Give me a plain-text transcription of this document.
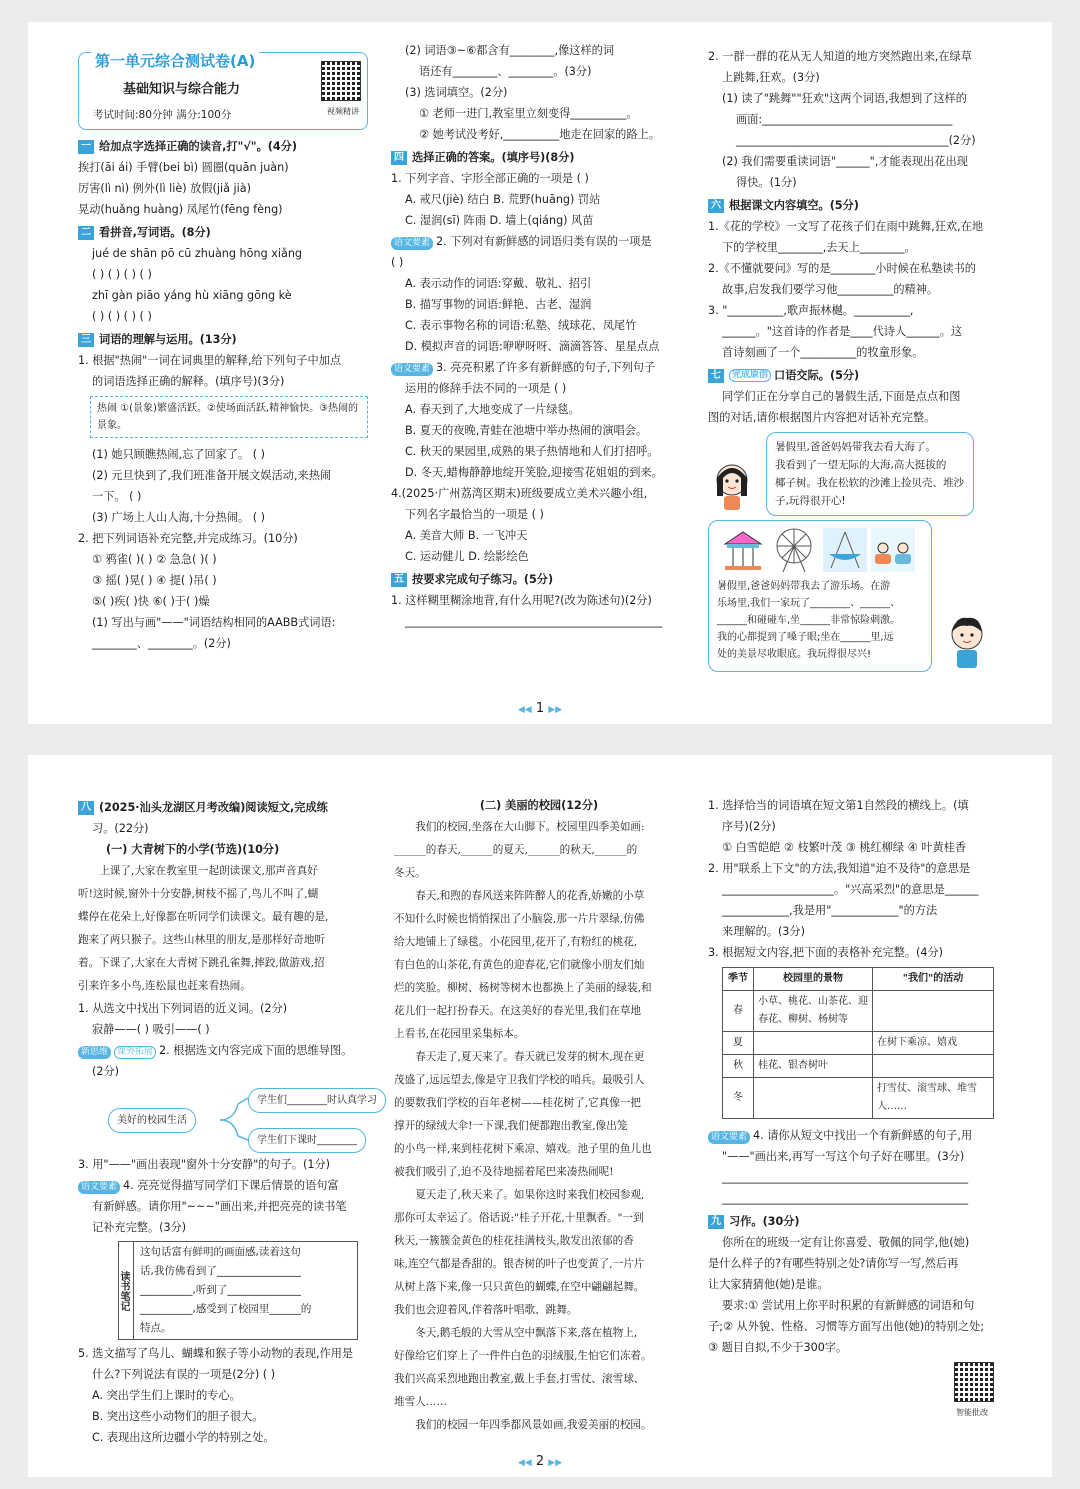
第一单元综合测试卷(A)
基础知识与综合能力
考试时间:80分钟 满分:100分	视频精讲
一 给加点字选择正确的读音,打"√"。(4分)
挨打(āi ái) 手臂(bei bì) 圆圈(quān juàn)
厉害(lì nì) 例外(lì liè) 放假(jiǎ jià)
晃动(huǎng huàng) 凤尾竹(fēng fèng)
二 看拼音,写词语。(8分)
jué de shān pō cū zhuàng hōng xiǎng
( ) ( ) ( ) ( )
zhī gàn piāo yáng hù xiāng gōng kè
( ) ( ) ( ) ( )
三 词语的理解与运用。(13分)
1. 根据"热闹"一词在词典里的解释,给下列句子中加点
的词语选择正确的解释。(填序号)(3分)
热闹 ①(景象)繁盛活跃。②使场面活跃,精神愉快。③热闹的景象。
(1) 她只顾瞧热闹,忘了回家了。 ( )
(2) 元旦快到了,我们班准备开展文娱活动,来热闹
一下。 ( )
(3) 广场上人山人海,十分热闹。 ( )
2. 把下列词语补充完整,并完成练习。(10分)
① 鸦雀( )( ) ② 急急( )( )
③ 摇( )晃( ) ④ 提( )吊( )
⑤( )疾( )快 ⑥( )于( )燥
(1) 写出与画"——"词语结构相同的AABB式词语:
________、________。(2分)
(2) 词语③~⑥都含有________,像这样的词
语还有________、________。(3分)
(3) 选词填空。(2分)
① 老师一进门,教室里立刻变得__________。
② 她考试没考好,__________地走在回家的路上。
四 选择正确的答案。(填序号)(8分)
1. 下列字音、字形全部正确的一项是 ( )
A. 戒尺(jiè) 结白 B. 荒野(huāng) 罚站
C. 湿润(sī) 阵雨 D. 墙上(qiáng) 风苗
语文要素 2. 下列对有新鲜感的词语归类有误的一项是
( )
A. 表示动作的词语:穿戴、敬礼、招引
B. 描写事物的词语:鲜艳、古老、湿润
C. 表示事物名称的词语:私塾、绒球花、凤尾竹
D. 模拟声音的词语:咿咿呀呀、滴滴答答、星星点点
语文要素 3. 亮亮积累了许多有新鲜感的句子,下列句子
运用的修辞手法不同的一项是 ( )
A. 春天到了,大地变成了一片绿毯。
B. 夏天的夜晚,青蛙在池塘中举办热闹的演唱会。
C. 秋天的果园里,成熟的果子热情地和人们打招呼。
D. 冬天,蜡梅静静地绽开笑脸,迎接雪花姐姐的到来。
4.(2025·广州荔湾区期末)班级要成立美术兴趣小组,
下列名字最恰当的一项是 ( )
A. 美音大师 B. 一飞冲天
C. 运动健儿 D. 绘影绘色
五 按要求完成句子练习。(5分)
1. 这样糊里糊涂地背,有什么用呢?(改为陈述句)(2分)
______________________________________________
2. 一群一群的花从无人知道的地方突然跑出来,在绿草
上跳舞,狂欢。(3分)
(1) 读了"跳舞""狂欢"这两个词语,我想到了这样的
画面:__________________________________
______________________________________(2分)
(2) 我们需要重读词语"______",才能表现出花出现
得快。(1分)
六 根据课文内容填空。(5分)
1.《花的学校》一文写了花孩子们在雨中跳舞,狂欢,在地
下的学校里________,去天上________。
2.《不懂就要问》写的是________小时候在私塾读书的
故事,启发我们要学习他__________的精神。
3. "__________,歌声振林樾。__________,
______。"这首诗的作者是____代诗人______。这
首诗刻画了一个__________的牧童形象。
七	完成原创 口语交际。(5分)
同学们正在分享自己的暑假生活,下面是点点和图
图的对话,请你根据图片内容把对话补充完整。
暑假里,爸爸妈妈带我去看大海了。
我看到了一望无际的大海,高大挺拔的
椰子树。我在松软的沙滩上捡贝壳、堆沙
子,玩得很开心!
暑假里,爸爸妈妈带我去了游乐场。在游
乐场里,我们一家玩了________、______、
______和碰碰车,坐______非常惊险刺激。
我的心都提到了嗓子眼;坐在______里,远
处的美景尽收眼底。我玩得很尽兴!
◀◀ 1 ▶▶
八 (2025·汕头龙湖区月考改编)阅读短文,完成练
习。(22分)
(一) 大青树下的小学(节选)(10分)
上课了,大家在教室里一起朗读课文,那声音真好
听!这时候,窗外十分安静,树枝不摇了,鸟儿不叫了,蝴
蝶停在花朵上,好像都在听同学们读课文。最有趣的是,
跑来了两只猴子。这些山林里的朋友,是那样好奇地听
着。下课了,大家在大青树下跳孔雀舞,摔跤,做游戏,招
引来许多小鸟,连松鼠也赶来看热闹。
1. 从选文中找出下列词语的近义词。(2分)
寂静——( ) 吸引——( )
新思维 课外拓展 2. 根据选文内容完成下面的思维导图。
(2分)
美好的校园生活
学生们________时认真学习
学生们下课时________
3. 用"——"画出表现"窗外十分安静"的句子。(1分)
语文要素 4. 亮亮觉得描写同学们下课后情景的语句富
有新鲜感。请你用"~~~"画出来,并把亮亮的读书笔
记补充完整。(3分)
读书笔记
这句话富有鲜明的画面感,读着这句
话,我仿佛看到了________________
__________,听到了______________
__________,感受到了校园里______的
特点。
5. 选文描写了鸟儿、蝴蝶和猴子等小动物的表现,作用是
什么?下列说法有误的一项是(2分) ( )
A. 突出学生们上课时的专心。
B. 突出这些小动物们的胆子很大。
C. 表现出这所边疆小学的特别之处。
(二) 美丽的校园(12分)
我们的校园,坐落在大山脚下。校园里四季美如画:
______的春天,______的夏天,______的秋天,______的
冬天。
春天,和煦的春风送来阵阵醉人的花香,娇嫩的小草
不知什么时候也悄悄探出了小脑袋,那一片片翠绿,仿佛
给大地铺上了绿毯。小花园里,花开了,有粉红的桃花,
有白色的山茶花,有黄色的迎春花,它们就像小朋友们灿
烂的笑脸。柳树、杨树等树木也都换上了美丽的绿装,和
花儿们一起打扮春天。在这美好的春光里,我们在草地
上看书,在花园里采集标本。
春天走了,夏天来了。春天就已发芽的树木,现在更
茂盛了,远远望去,像是守卫我们学校的哨兵。最吸引人
的要数我们学校的百年老树——桂花树了,它真像一把
撑开的绿绒大伞!一下课,我们便都跑出教室,像出笼
的小鸟一样,来到桂花树下乘凉、嬉戏。池子里的鱼儿也
被我们吸引了,迫不及待地摇着尾巴来凑热闹呢!
夏天走了,秋天来了。如果你这时来我们校园参观,
那你可太幸运了。俗话说:"桂子开花,十里飘香。"一到
秋天,一簇簇金黄色的桂花挂满枝头,散发出浓郁的香
味,连空气都是香甜的。银杏树的叶子也变黄了,一片片
从树上落下来,像一只只黄色的蝴蝶,在空中翩翩起舞。
我们也会迎着风,伴着落叶唱歌、跳舞。
冬天,鹅毛般的大雪从空中飘落下来,落在植物上,
好像给它们穿上了一件件白色的羽绒服,生怕它们冻着。
我们兴高采烈地跑出教室,戴上手套,打雪仗、滚雪球、
堆雪人……
我们的校园一年四季都风景如画,我爱美丽的校园。
1. 选择恰当的词语填在短文第1自然段的横线上。(填
序号)(2分)
① 白雪皑皑 ② 枝繁叶茂 ③ 桃红柳绿 ④ 叶黄桂香
2. 用"联系上下文"的方法,我知道"迫不及待"的意思是
____________________。"兴高采烈"的意思是______
____________,我是用"____________"的方法
来理解的。(3分)
3. 根据短文内容,把下面的表格补充完整。(4分)
季节	校园里的景物	"我们"的活动
春	小草、桃花、山茶花、迎春花、柳树、杨树等	
夏		在树下乘凉、嬉戏
秋	桂花、银杏树叶	
冬		打雪仗、滚雪球、堆雪人……
语文要素 4. 请你从短文中找出一个有新鲜感的句子,用
"——"画出来,再写一写这个句子好在哪里。(3分)
____________________________________________
____________________________________________
九 习作。(30分)
你所在的班级一定有让你喜爱、敬佩的同学,他(她)
是什么样子的?有哪些特别之处?请你写一写,然后再
让大家猜猜他(她)是谁。
要求:① 尝试用上你平时积累的有新鲜感的词语和句
子;② 从外貌、性格、习惯等方面写出他(她)的特别之处;
③ 题目自拟,不少于300字。
智能批改
◀◀ 2 ▶▶
